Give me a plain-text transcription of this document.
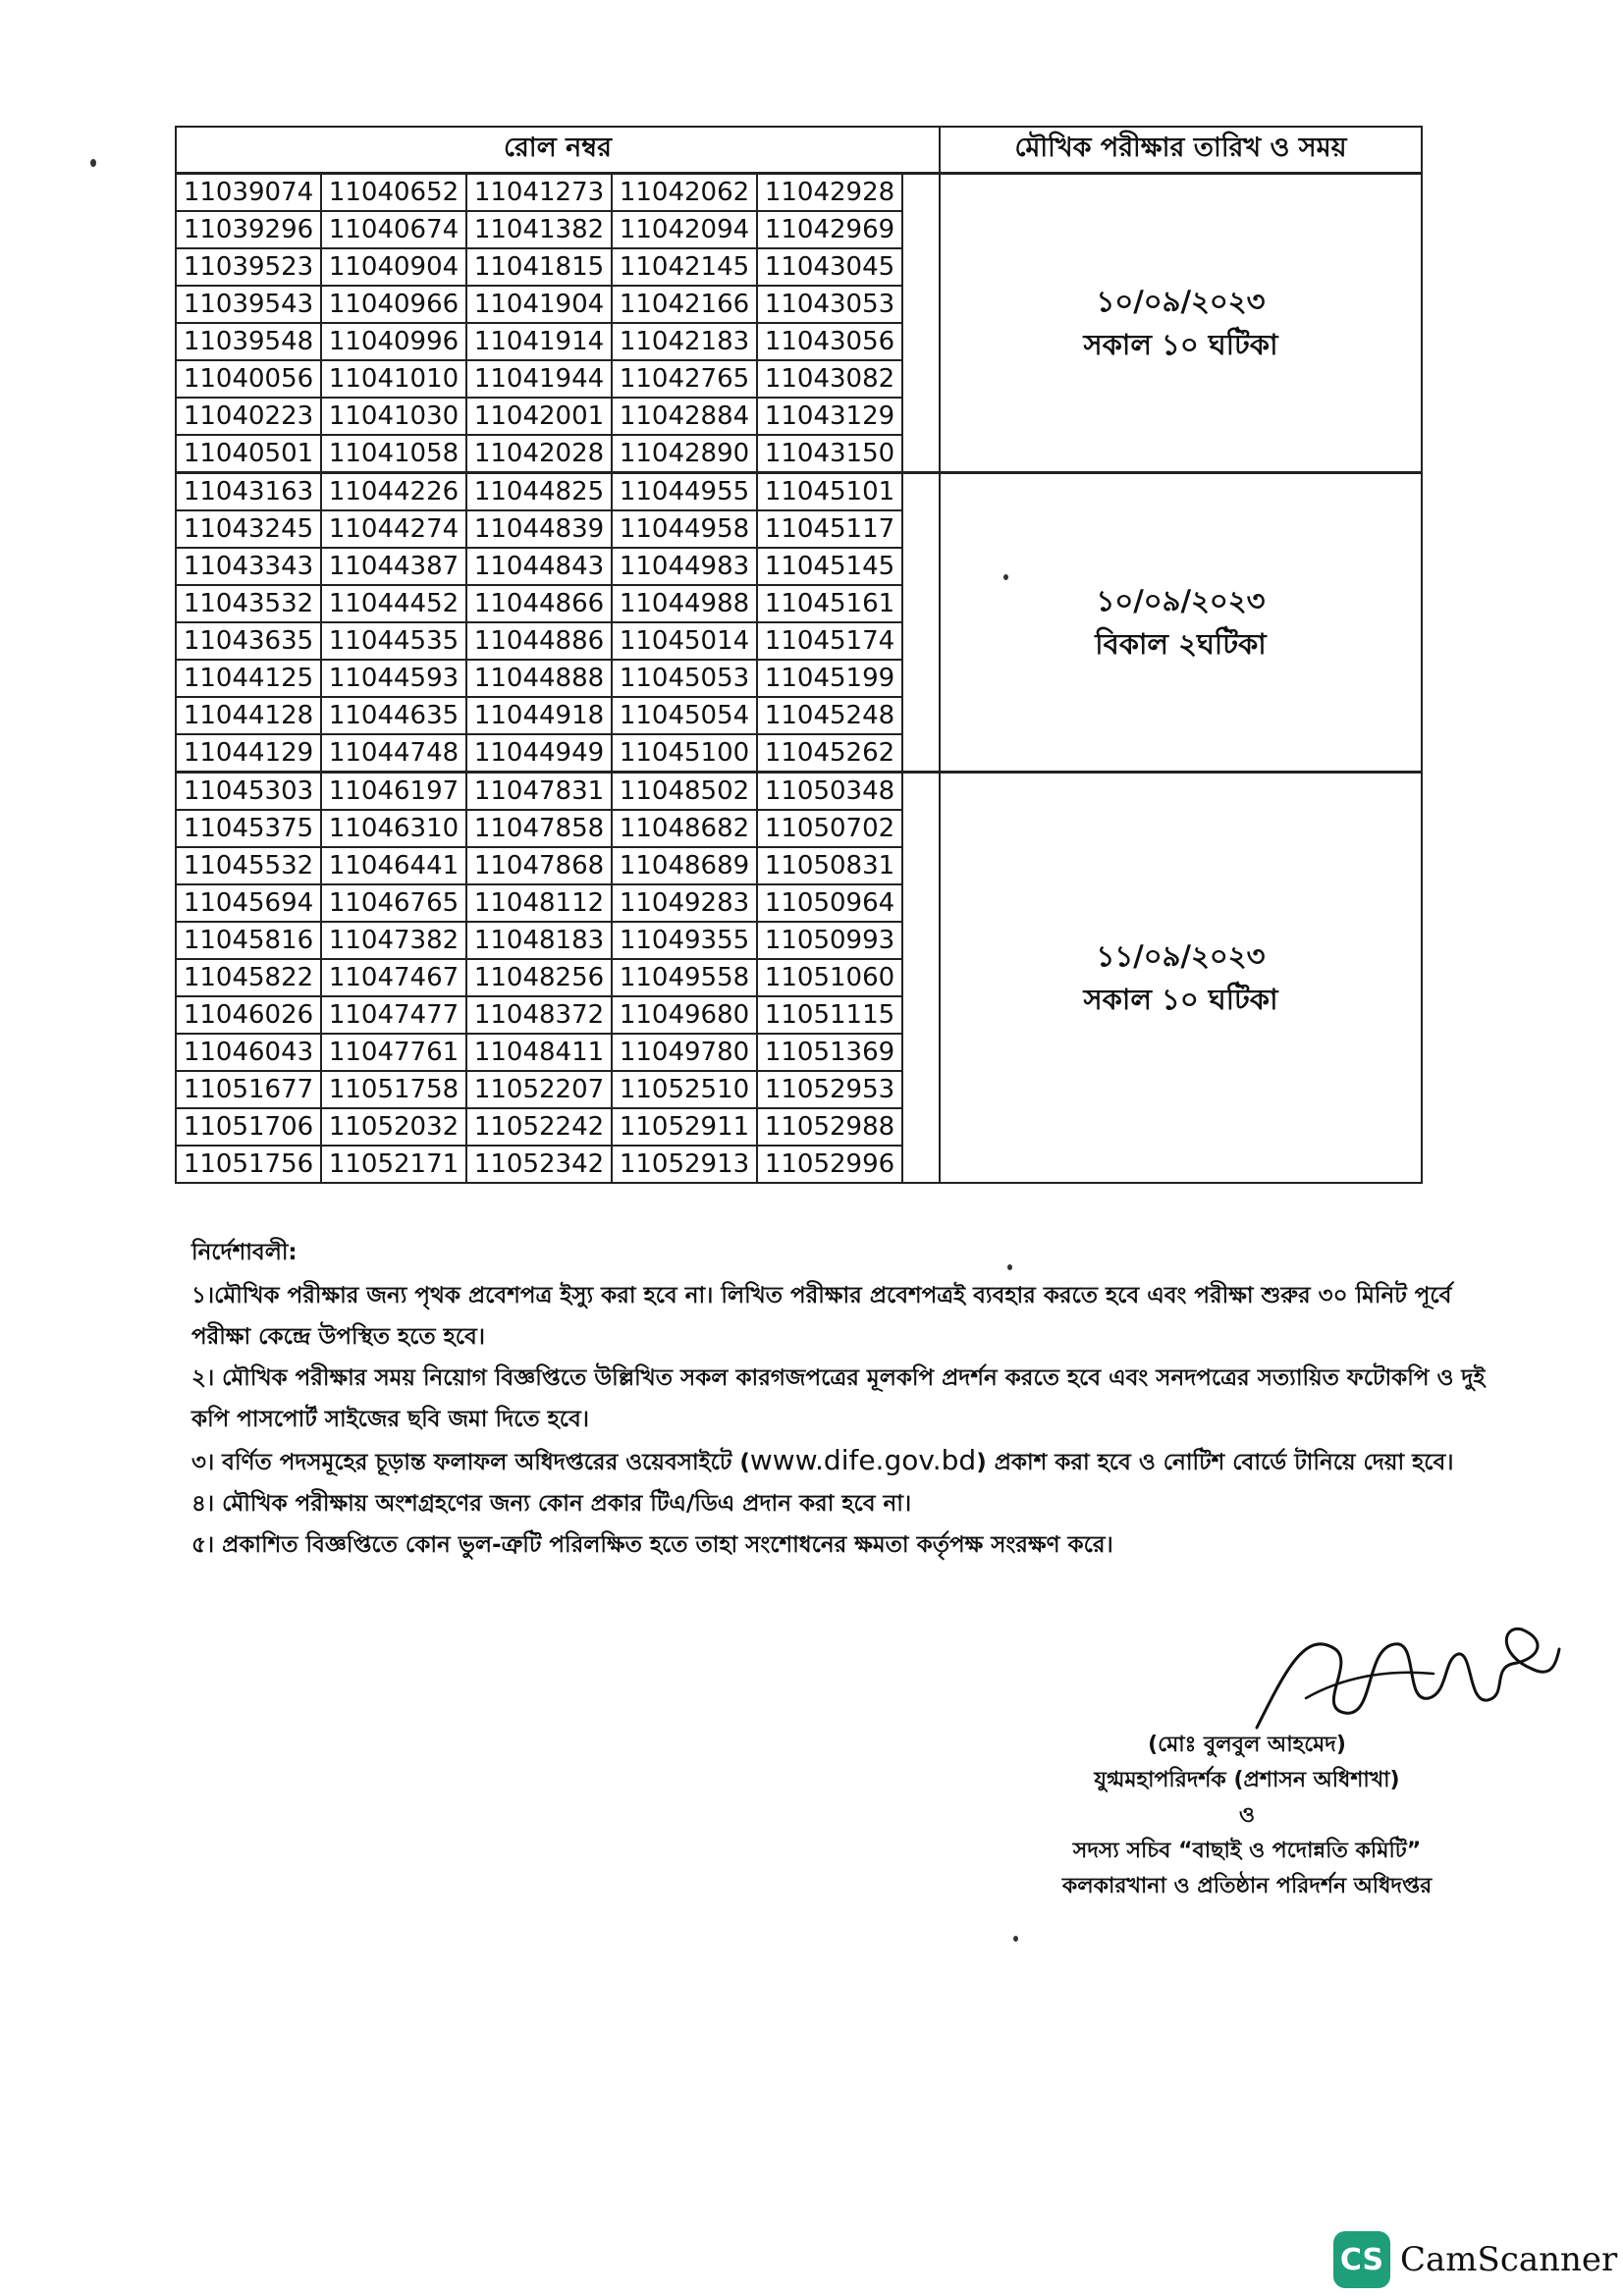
রোল নম্বর						মৌখিক পরীক্ষার তারিখ ও সময়
11039074	11040652	11041273	11042062	11042928		১০/০৯/২০২৩
সকাল ১০ ঘটিকা

11039296	11040674	11041382	11042094	11042969		
11039523	11040904	11041815	11042145	11043045		
11039543	11040966	11041904	11042166	11043053		
11039548	11040996	11041914	11042183	11043056		
11040056	11041010	11041944	11042765	11043082		
11040223	11041030	11042001	11042884	11043129		
11040501	11041058	11042028	11042890	11043150		
11043163	11044226	11044825	11044955	11045101		১০/০৯/২০২৩
বিকাল ২ঘটিকা

11043245	11044274	11044839	11044958	11045117		
11043343	11044387	11044843	11044983	11045145		
11043532	11044452	11044866	11044988	11045161		
11043635	11044535	11044886	11045014	11045174		
11044125	11044593	11044888	11045053	11045199		
11044128	11044635	11044918	11045054	11045248		
11044129	11044748	11044949	11045100	11045262		
11045303	11046197	11047831	11048502	11050348		১১/০৯/২০২৩
সকাল ১০ ঘটিকা

11045375	11046310	11047858	11048682	11050702		
11045532	11046441	11047868	11048689	11050831		
11045694	11046765	11048112	11049283	11050964		
11045816	11047382	11048183	11049355	11050993		
11045822	11047467	11048256	11049558	11051060		
11046026	11047477	11048372	11049680	11051115		
11046043	11047761	11048411	11049780	11051369		
11051677	11051758	11052207	11052510	11052953		
11051706	11052032	11052242	11052911	11052988		
11051756	11052171	11052342	11052913	11052996		
নির্দেশাবলী:

১।মৌখিক পরীক্ষার জন্য পৃথক প্রবেশপত্র ইস্যু করা হবে না। লিখিত পরীক্ষার প্রবেশপত্রই ব্যবহার করতে হবে এবং পরীক্ষা শুরুর ৩০ মিনিট পূর্বে পরীক্ষা কেন্দ্রে উপস্থিত হতে হবে।

২। মৌখিক পরীক্ষার সময় নিয়োগ বিজ্ঞপ্তিতে উল্লিখিত সকল কারগজপত্রের মূলকপি প্রদর্শন করতে হবে এবং সনদপত্রের সত্যায়িত ফটোকপি ও দুই কপি পাসপোর্ট সাইজের ছবি জমা দিতে হবে।

৩। বর্ণিত পদসমূহের চূড়ান্ত ফলাফল অধিদপ্তরের ওয়েবসাইটে (www.dife.gov.bd) প্রকাশ করা হবে ও নোটিশ বোর্ডে টানিয়ে দেয়া হবে।

৪। মৌখিক পরীক্ষায় অংশগ্রহণের জন্য কোন প্রকার টিএ/ডিএ প্রদান করা হবে না।

৫। প্রকাশিত বিজ্ঞপ্তিতে কোন ভুল-ত্রুটি পরিলক্ষিত হতে তাহা সংশোধনের ক্ষমতা কর্তৃপক্ষ সংরক্ষণ করে।

(মোঃ বুলবুল আহমেদ)
যুগ্মমহাপরিদর্শক (প্রশাসন অধিশাখা)
ও
সদস্য সচিব “বাছাই ও পদোন্নতি কমিটি”
কলকারখানা ও প্রতিষ্ঠান পরিদর্শন অধিদপ্তর
CS CamScanner
